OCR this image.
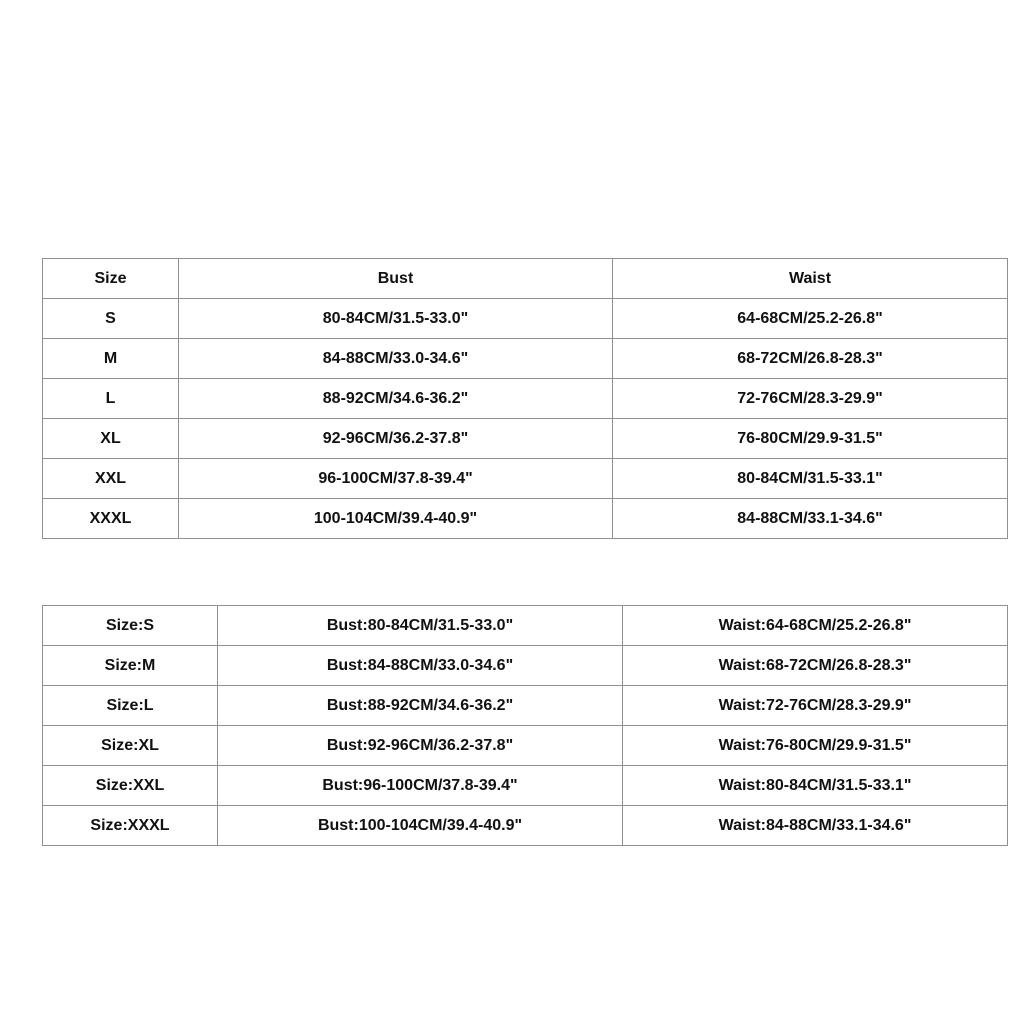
Size	Bust	Waist
S	80-84CM/31.5-33.0"	64-68CM/25.2-26.8"
M	84-88CM/33.0-34.6"	68-72CM/26.8-28.3"
L	88-92CM/34.6-36.2"	72-76CM/28.3-29.9"
XL	92-96CM/36.2-37.8"	76-80CM/29.9-31.5"
XXL	96-100CM/37.8-39.4"	80-84CM/31.5-33.1"
XXXL	100-104CM/39.4-40.9"	84-88CM/33.1-34.6"
Size:S	Bust:80-84CM/31.5-33.0"	Waist:64-68CM/25.2-26.8"
Size:M	Bust:84-88CM/33.0-34.6"	Waist:68-72CM/26.8-28.3"
Size:L	Bust:88-92CM/34.6-36.2"	Waist:72-76CM/28.3-29.9"
Size:XL	Bust:92-96CM/36.2-37.8"	Waist:76-80CM/29.9-31.5"
Size:XXL	Bust:96-100CM/37.8-39.4"	Waist:80-84CM/31.5-33.1"
Size:XXXL	Bust:100-104CM/39.4-40.9"	Waist:84-88CM/33.1-34.6"
